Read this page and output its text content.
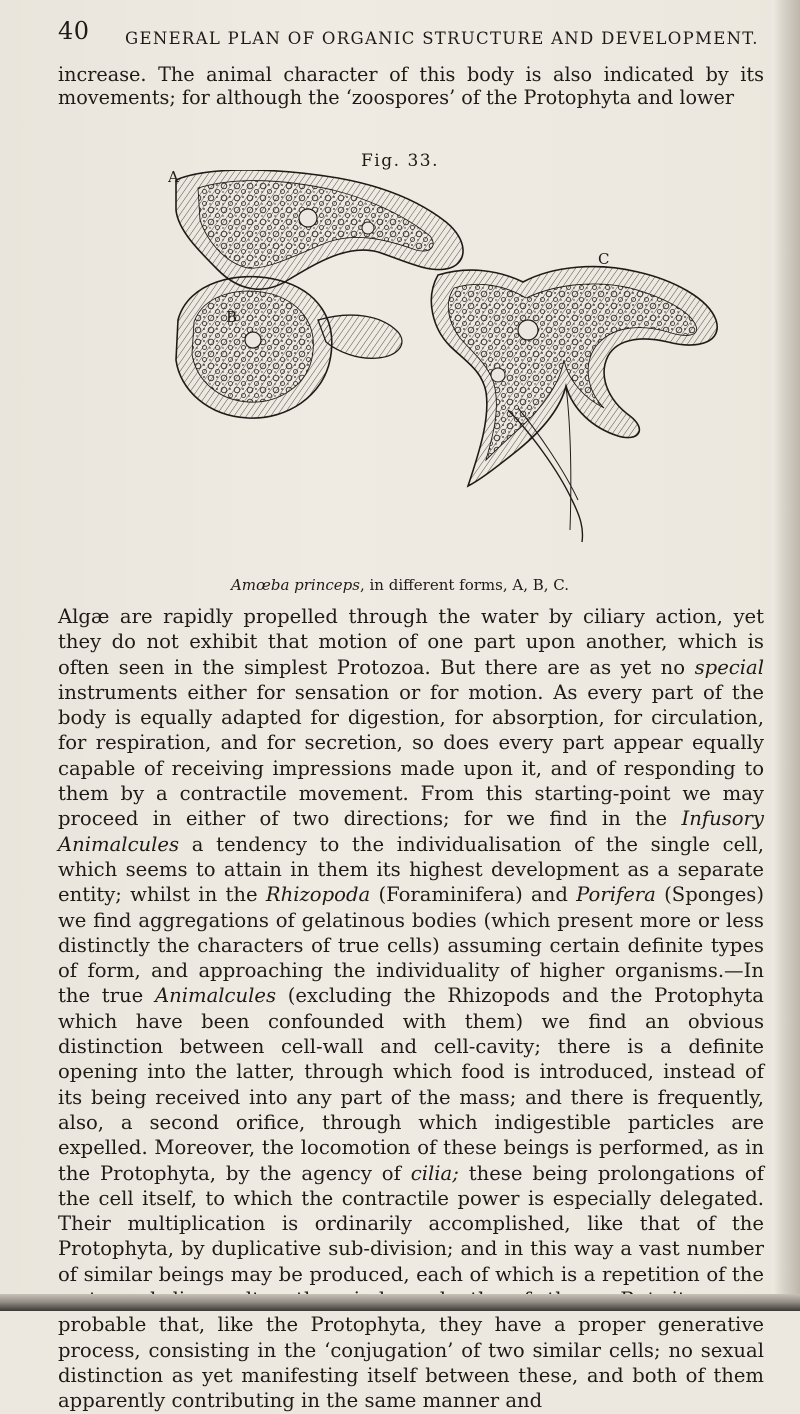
40 GENERAL PLAN OF ORGANIC STRUCTURE AND DEVELOPMENT.
increase. The animal character of this body is also indicated by its movements; for although the ‘zoospores’ of the Protophyta and lower
Fig. 33.
A
B
C
Amœba princeps, in different forms, A, B, C.
Algæ are rapidly propelled through the water by ciliary action, yet they do not exhibit that motion of one part upon another, which is often seen in the simplest Protozoa. But there are as yet no special instruments either for sensation or for motion. As every part of the body is equally adapted for digestion, for absorption, for circulation, for respiration, and for secretion, so does every part appear equally capable of receiving impressions made upon it, and of responding to them by a contractile movement. From this starting-point we may proceed in either of two directions; for we find in the Infusory Animalcules a tendency to the individualisation of the single cell, which seems to attain in them its highest development as a separate entity; whilst in the Rhizopoda (Foraminifera) and Porifera (Sponges) we find aggregations of gelatinous bodies (which present more or less distinctly the characters of true cells) assuming certain definite types of form, and approaching the individuality of higher organisms.—In the true Animalcules (excluding the Rhizopods and the Protophyta which have been confounded with them) we find an obvious distinction between cell-wall and cell-cavity; there is a definite opening into the latter, through which food is introduced, instead of its being received into any part of the mass; and there is frequently, also, a second orifice, through which indigestible particles are expelled. Moreover, the locomotion of these beings is performed, as in the Protophyta, by the agency of cilia; these being prolongations of the cell itself, to which the contractile power is especially delegated. Their multiplication is ordinarily accomplished, like that of the Protophyta, by duplicative sub-division; and in this way a vast number of similar beings may be produced, each of which is a repetition of the probable that, like the Protophyta, they have a proper generative process, consisting in the ‘conjugation’ of two similar cells; no sexual distinction as yet manifesting itself between these, and both of them apparently contributing in the same manner and
